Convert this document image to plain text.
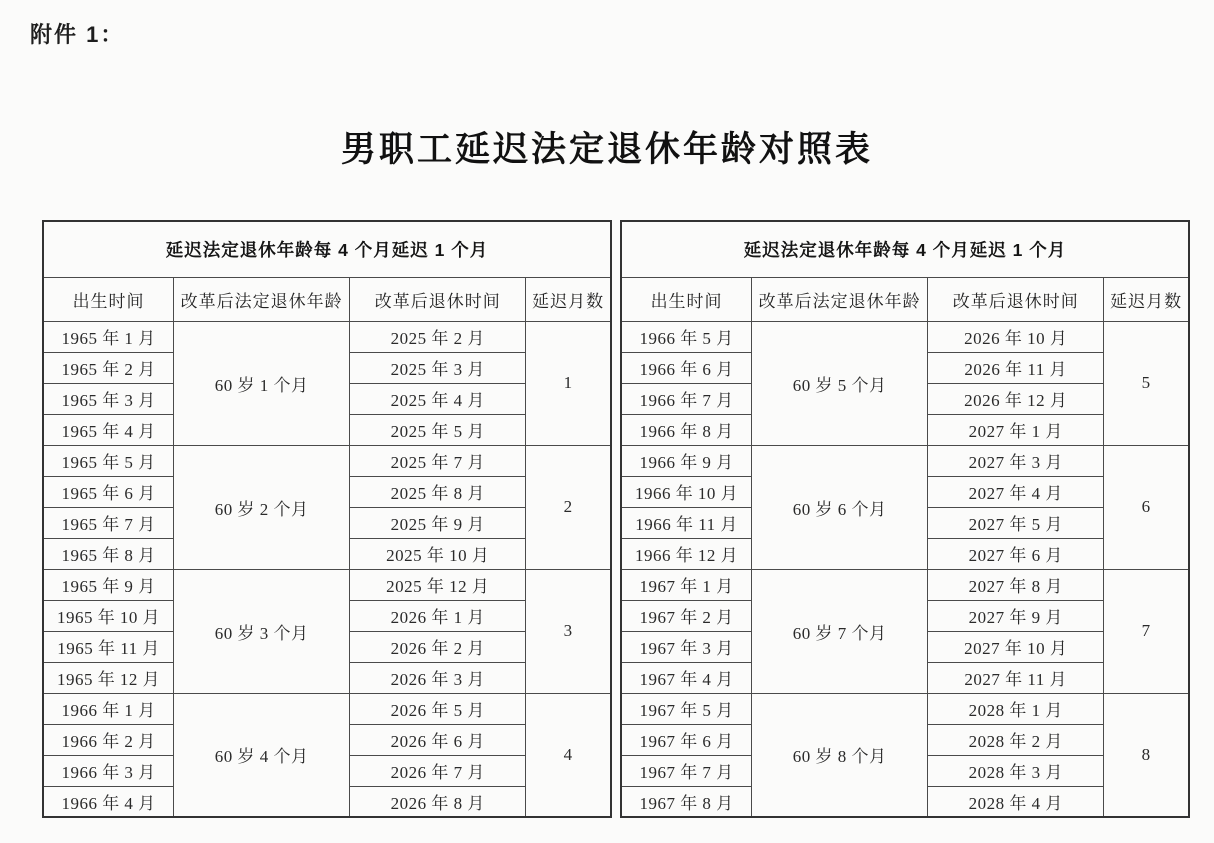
附件 1：
男职工延迟法定退休年龄对照表
延迟法定退休年龄每 4 个月延迟 1 个月			
出生时间	改革后法定退休年龄	改革后退休时间	延迟月数
1965 年 1 月	60 岁 1 个月	2025 年 2 月	1
1965 年 2 月		2025 年 3 月	
1965 年 3 月		2025 年 4 月	
1965 年 4 月		2025 年 5 月	
1965 年 5 月	60 岁 2 个月	2025 年 7 月	2
1965 年 6 月		2025 年 8 月	
1965 年 7 月		2025 年 9 月	
1965 年 8 月		2025 年 10 月	
1965 年 9 月	60 岁 3 个月	2025 年 12 月	3
1965 年 10 月		2026 年 1 月	
1965 年 11 月		2026 年 2 月	
1965 年 12 月		2026 年 3 月	
1966 年 1 月	60 岁 4 个月	2026 年 5 月	4
1966 年 2 月		2026 年 6 月	
1966 年 3 月		2026 年 7 月	
1966 年 4 月		2026 年 8 月	
延迟法定退休年龄每 4 个月延迟 1 个月			
出生时间	改革后法定退休年龄	改革后退休时间	延迟月数
1966 年 5 月	60 岁 5 个月	2026 年 10 月	5
1966 年 6 月		2026 年 11 月	
1966 年 7 月		2026 年 12 月	
1966 年 8 月		2027 年 1 月	
1966 年 9 月	60 岁 6 个月	2027 年 3 月	6
1966 年 10 月		2027 年 4 月	
1966 年 11 月		2027 年 5 月	
1966 年 12 月		2027 年 6 月	
1967 年 1 月	60 岁 7 个月	2027 年 8 月	7
1967 年 2 月		2027 年 9 月	
1967 年 3 月		2027 年 10 月	
1967 年 4 月		2027 年 11 月	
1967 年 5 月	60 岁 8 个月	2028 年 1 月	8
1967 年 6 月		2028 年 2 月	
1967 年 7 月		2028 年 3 月	
1967 年 8 月		2028 年 4 月	
